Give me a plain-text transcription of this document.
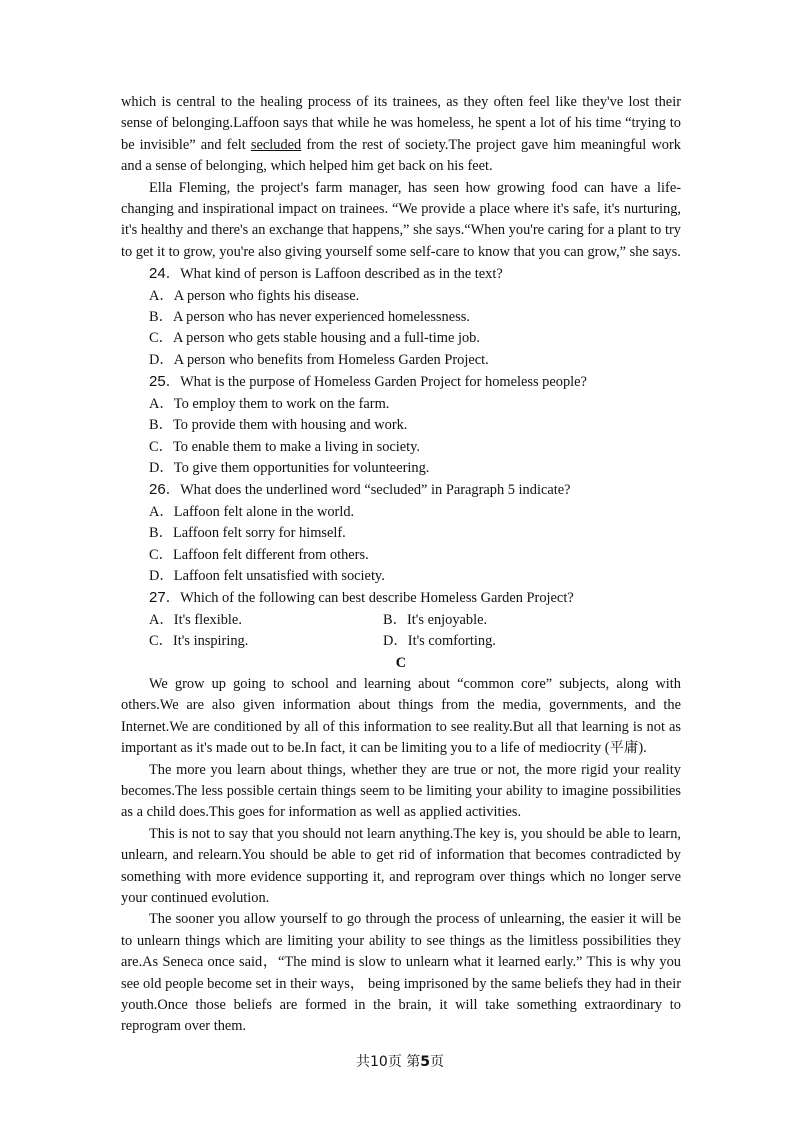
which is central to the healing process of its trainees, as they often feel like they've lost their sense of belonging.Laffoon says that while he was homeless, he spent a lot of his time “trying to be invisible” and felt secluded from the rest of society.The project gave him meaningful work and a sense of belonging, which helped him get back on his feet.

Ella Fleming, the project's farm manager, has seen how growing food can have a life-changing and inspirational impact on trainees. “We provide a place where it's safe, it's nurturing, it's healthy and there's an exchange that happens,” she says.“When you're caring for a plant to try to get it to grow, you're also giving yourself some self-care to know that you can grow,” she says.

24．What kind of person is Laffoon described as in the text?

A．A person who fights his disease.

B．A person who has never experienced homelessness.

C．A person who gets stable housing and a full-time job.

D．A person who benefits from Homeless Garden Project.

25．What is the purpose of Homeless Garden Project for homeless people?

A．To employ them to work on the farm.

B．To provide them with housing and work.

C．To enable them to make a living in society.

D．To give them opportunities for volunteering.

26．What does the underlined word “secluded” in Paragraph 5 indicate?

A．Laffoon felt alone in the world.

B．Laffoon felt sorry for himself.

C．Laffoon felt different from others.

D．Laffoon felt unsatisfied with society.

27．Which of the following can best describe Homeless Garden Project?

A．It's flexible.	B．It's enjoyable.
C．It's inspiring.	D．It's comforting.

C

We grow up going to school and learning about “common core” subjects, along with others.We are also given information about things from the media, governments, and the Internet.We are conditioned by all of this information to see reality.But all that learning is not as important as it's made out to be.In fact, it can be limiting you to a life of mediocrity (平庸).

The more you learn about things, whether they are true or not, the more rigid your reality becomes.The less possible certain things seem to be limiting your ability to imagine possibilities as a child does.This goes for information as well as applied activities.

This is not to say that you should not learn anything.The key is, you should be able to learn, unlearn, and relearn.You should be able to get rid of information that becomes contradicted by something with more evidence supporting it, and reprogram over things which no longer serve your continued evolution.

The sooner you allow yourself to go through the process of unlearning, the easier it will be to unlearn things which are limiting your ability to see things as the limitless possibilities they are.As Seneca once said，“The mind is slow to unlearn what it learned early.” This is why you see old people become set in their ways， being imprisoned by the same beliefs they had in their youth.Once those beliefs are formed in the brain, it will take something extraordinary to reprogram over them.

共10页 第5页
